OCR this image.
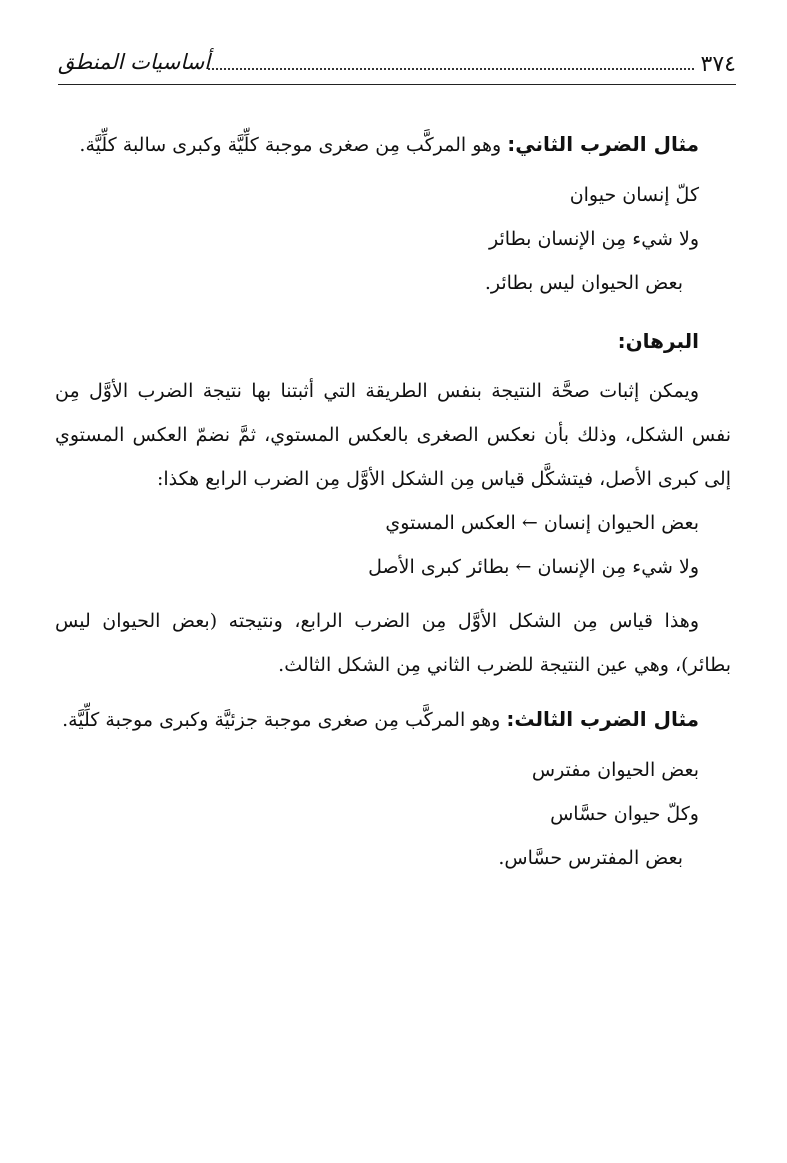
٣٧٤
أساسيات المنطق

مثال الضرب الثاني: وهو المركَّب مِن صغرى موجبة كلِّيَّة وكبرى سالبة كلِّيَّة.

كلّ إنسان حيوان

ولا شيء مِن الإنسان بطائر

بعض الحيوان ليس بطائر.

البرهان:

ويمكن إثبات صحَّة النتيجة بنفس الطريقة التي أثبتنا بها نتيجة الضرب الأوَّل مِن نفس الشكل، وذلك بأن نعكس الصغرى بالعكس المستوي، ثمَّ نضمّ العكس المستوي إلى كبرى الأصل، فيتشكَّل قياس مِن الشكل الأوَّل مِن الضرب الرابع هكذا:

بعض الحيوان إنسان ← العكس المستوي

ولا شيء مِن الإنسان ← بطائر كبرى الأصل

وهذا قياس مِن الشكل الأوَّل مِن الضرب الرابع، ونتيجته (بعض الحيوان ليس بطائر)، وهي عين النتيجة للضرب الثاني مِن الشكل الثالث.

مثال الضرب الثالث: وهو المركَّب مِن صغرى موجبة جزئيَّة وكبرى موجبة كلِّيَّة.

بعض الحيوان مفترس

وكلّ حيوان حسَّاس

بعض المفترس حسَّاس.
